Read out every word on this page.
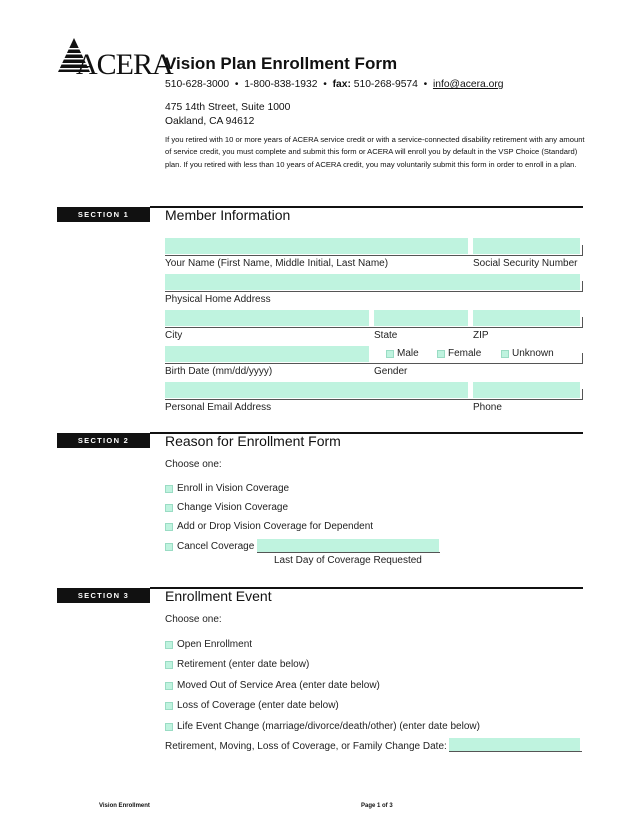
ACERA
Vision Plan Enrollment Form
510-628-3000 • 1-800-838-1932 • fax: 510-268-9574 • info@acera.org
475 14th Street, Suite 1000
Oakland, CA 94612
If you retired with 10 or more years of ACERA service credit or with a service-connected disability retirement with any amount of service credit, you must complete and submit this form or ACERA will enroll you by default in the VSP Choice (Standard) plan. If you retired with less than 10 years of ACERA credit, you may voluntarily submit this form in order to enroll in a plan.
SECTION 1	Member Information
Your Name (First Name, Middle Initial, Last Name)	Social Security Number
Physical Home Address
City	State	ZIP
Male	Female	Unknown
Birth Date (mm/dd/yyyy)	Gender
Personal Email Address	Phone
SECTION 2	Reason for Enrollment Form
Choose one:
Enroll in Vision Coverage
Change Vision Coverage
Add or Drop Vision Coverage for Dependent
Cancel Coverage
Last Day of Coverage Requested
SECTION 3	Enrollment Event
Choose one:
Open Enrollment
Retirement (enter date below)
Moved Out of Service Area (enter date below)
Loss of Coverage (enter date below)
Life Event Change (marriage/divorce/death/other) (enter date below)
Retirement, Moving, Loss of Coverage, or Family Change Date:
Vision Enrollment	Page 1 of 3
